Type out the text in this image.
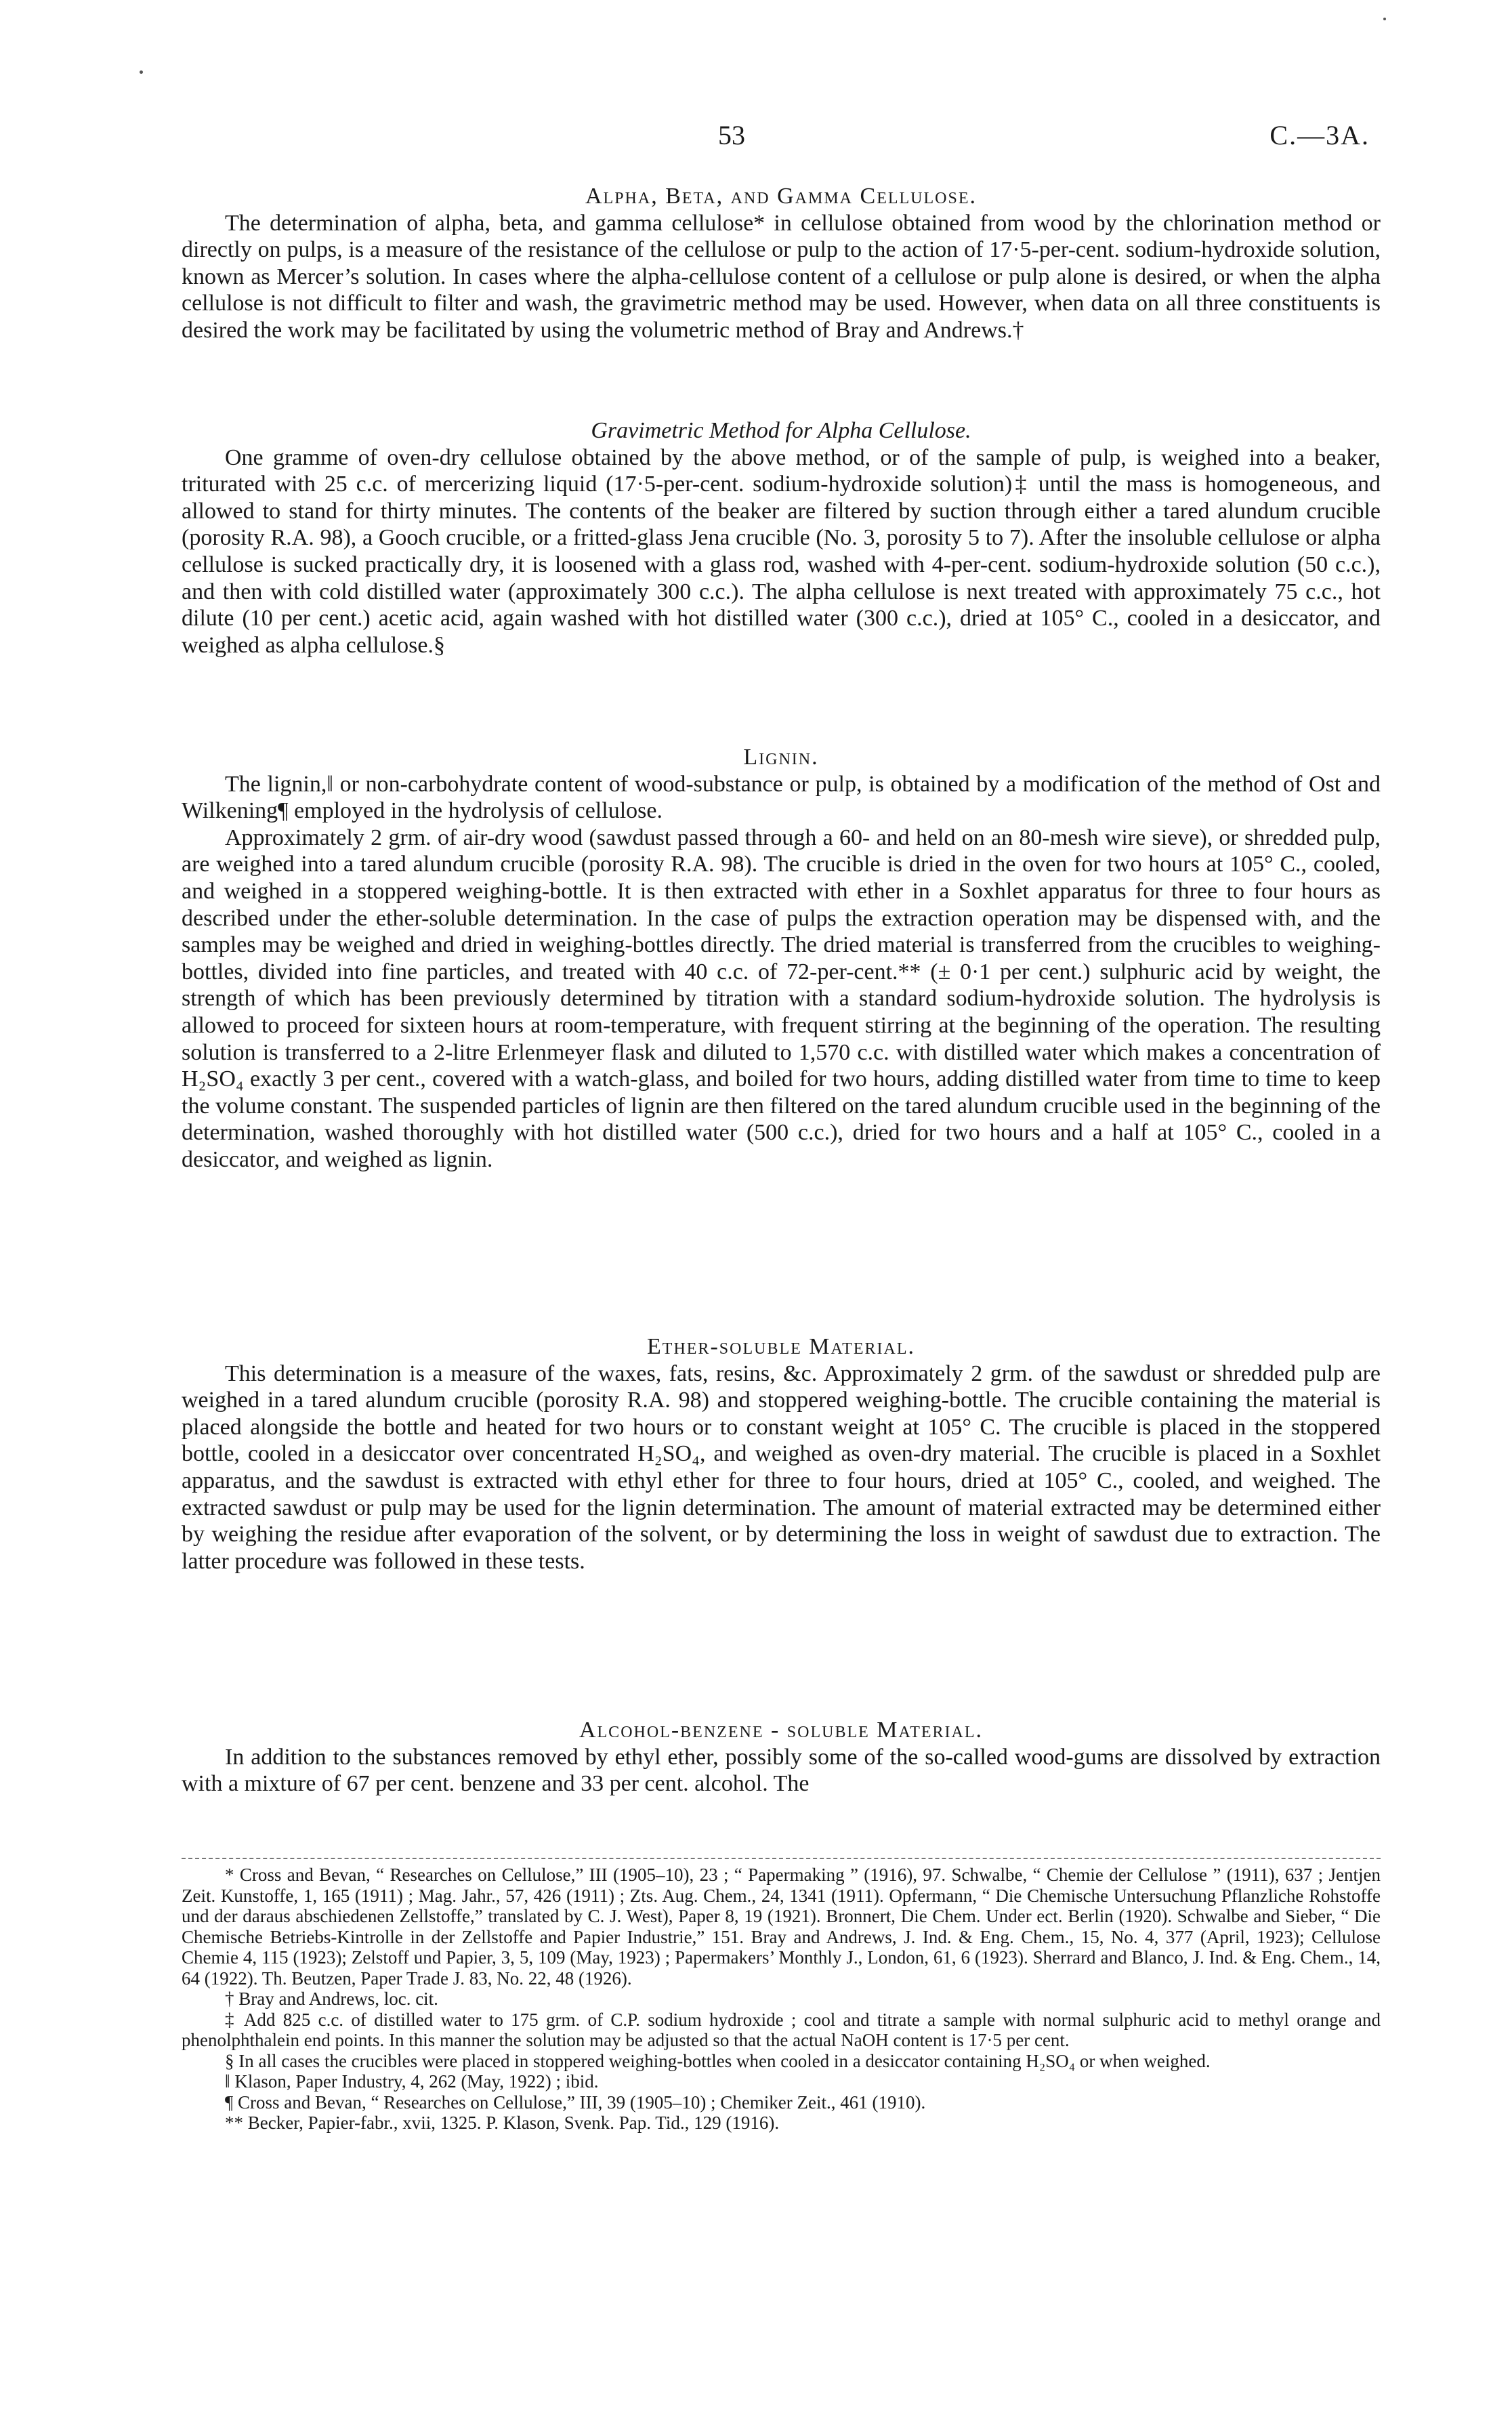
53	C.—3A.
Alpha, Beta, and Gamma Cellulose.

The determination of alpha, beta, and gamma cellulose* in cellulose obtained from wood by the chlorination method or directly on pulps, is a measure of the resistance of the cellulose or pulp to the action of 17·5-per-cent. sodium-hydroxide solution, known as Mercer’s solution. In cases where the alpha-cellulose content of a cellulose or pulp alone is desired, or when the alpha cellulose is not difficult to filter and wash, the gravimetric method may be used. However, when data on all three constituents is desired the work may be facilitated by using the volumetric method of Bray and Andrews.†

Gravimetric Method for Alpha Cellulose.

One gramme of oven-dry cellulose obtained by the above method, or of the sample of pulp, is weighed into a beaker, triturated with 25 c.c. of mercerizing liquid (17·5-per-cent. sodium-hydroxide solution)‡ until the mass is homogeneous, and allowed to stand for thirty minutes. The contents of the beaker are filtered by suction through either a tared alundum crucible (porosity R.A. 98), a Gooch crucible, or a fritted-glass Jena crucible (No. 3, porosity 5 to 7). After the insoluble cellulose or alpha cellulose is sucked practically dry, it is loosened with a glass rod, washed with 4-per-cent. sodium-hydroxide solution (50 c.c.), and then with cold distilled water (approximately 300 c.c.). The alpha cellulose is next treated with approximately 75 c.c., hot dilute (10 per cent.) acetic acid, again washed with hot distilled water (300 c.c.), dried at 105° C., cooled in a desiccator, and weighed as alpha cellulose.§

Lignin.

The lignin,‖ or non-carbohydrate content of wood-substance or pulp, is obtained by a modification of the method of Ost and Wilkening¶ employed in the hydrolysis of cellulose.

Approximately 2 grm. of air-dry wood (sawdust passed through a 60- and held on an 80-mesh wire sieve), or shredded pulp, are weighed into a tared alundum crucible (porosity R.A. 98). The crucible is dried in the oven for two hours at 105° C., cooled, and weighed in a stoppered weighing-bottle. It is then extracted with ether in a Soxhlet apparatus for three to four hours as described under the ether-soluble determination. In the case of pulps the extraction operation may be dispensed with, and the samples may be weighed and dried in weighing-bottles directly. The dried material is transferred from the crucibles to weighing-bottles, divided into fine particles, and treated with 40 c.c. of 72-per-cent.** (± 0·1 per cent.) sulphuric acid by weight, the strength of which has been previously determined by titration with a standard sodium-hydroxide solution. The hydrolysis is allowed to proceed for sixteen hours at room-temperature, with frequent stirring at the beginning of the operation. The resulting solution is transferred to a 2-litre Erlenmeyer flask and diluted to 1,570 c.c. with distilled water which makes a concentration of H₂SO₄ exactly 3 per cent., covered with a watch-glass, and boiled for two hours, adding distilled water from time to time to keep the volume constant. The suspended particles of lignin are then filtered on the tared alundum crucible used in the beginning of the determination, washed thoroughly with hot distilled water (500 c.c.), dried for two hours and a half at 105° C., cooled in a desiccator, and weighed as lignin.

Ether-soluble Material.

This determination is a measure of the waxes, fats, resins, &c. Approximately 2 grm. of the sawdust or shredded pulp are weighed in a tared alundum crucible (porosity R.A. 98) and stoppered weighing-bottle. The crucible containing the material is placed alongside the bottle and heated for two hours or to constant weight at 105° C. The crucible is placed in the stoppered bottle, cooled in a desiccator over concentrated H₂SO₄, and weighed as oven-dry material. The crucible is placed in a Soxhlet apparatus, and the sawdust is extracted with ethyl ether for three to four hours, dried at 105° C., cooled, and weighed. The extracted sawdust or pulp may be used for the lignin determination. The amount of material extracted may be determined either by weighing the residue after evaporation of the solvent, or by determining the loss in weight of sawdust due to extraction. The latter procedure was followed in these tests.

Alcohol-benzene - soluble Material.

In addition to the substances removed by ethyl ether, possibly some of the so-called wood-gums are dissolved by extraction with a mixture of 67 per cent. benzene and 33 per cent. alcohol. The

* Cross and Bevan, “ Researches on Cellulose,” III (1905–10), 23 ; “ Papermaking ” (1916), 97. Schwalbe, “ Chemie der Cellulose ” (1911), 637 ; Jentjen Zeit. Kunstoffe, 1, 165 (1911) ; Mag. Jahr., 57, 426 (1911) ; Zts. Aug. Chem., 24, 1341 (1911). Opfermann, “ Die Chemische Untersuchung Pflanzliche Rohstoffe und der daraus abschiedenen Zellstoffe,” translated by C. J. West), Paper 8, 19 (1921). Bronnert, Die Chem. Under ect. Berlin (1920). Schwalbe and Sieber, “ Die Chemische Betriebs-Kintrolle in der Zellstoffe and Papier Industrie,” 151. Bray and Andrews, J. Ind. & Eng. Chem., 15, No. 4, 377 (April, 1923); Cellulose Chemie 4, 115 (1923); Zelstoff und Papier, 3, 5, 109 (May, 1923) ; Papermakers’ Monthly J., London, 61, 6 (1923). Sherrard and Blanco, J. Ind. & Eng. Chem., 14, 64 (1922). Th. Beutzen, Paper Trade J. 83, No. 22, 48 (1926).

† Bray and Andrews, loc. cit.

‡ Add 825 c.c. of distilled water to 175 grm. of C.P. sodium hydroxide ; cool and titrate a sample with normal sulphuric acid to methyl orange and phenolphthalein end points. In this manner the solution may be adjusted so that the actual NaOH content is 17·5 per cent.

§ In all cases the crucibles were placed in stoppered weighing-bottles when cooled in a desiccator containing H₂SO₄ or when weighed.

‖ Klason, Paper Industry, 4, 262 (May, 1922) ; ibid.

¶ Cross and Bevan, “ Researches on Cellulose,” III, 39 (1905–10) ; Chemiker Zeit., 461 (1910).

** Becker, Papier-fabr., xvii, 1325. P. Klason, Svenk. Pap. Tid., 129 (1916).
